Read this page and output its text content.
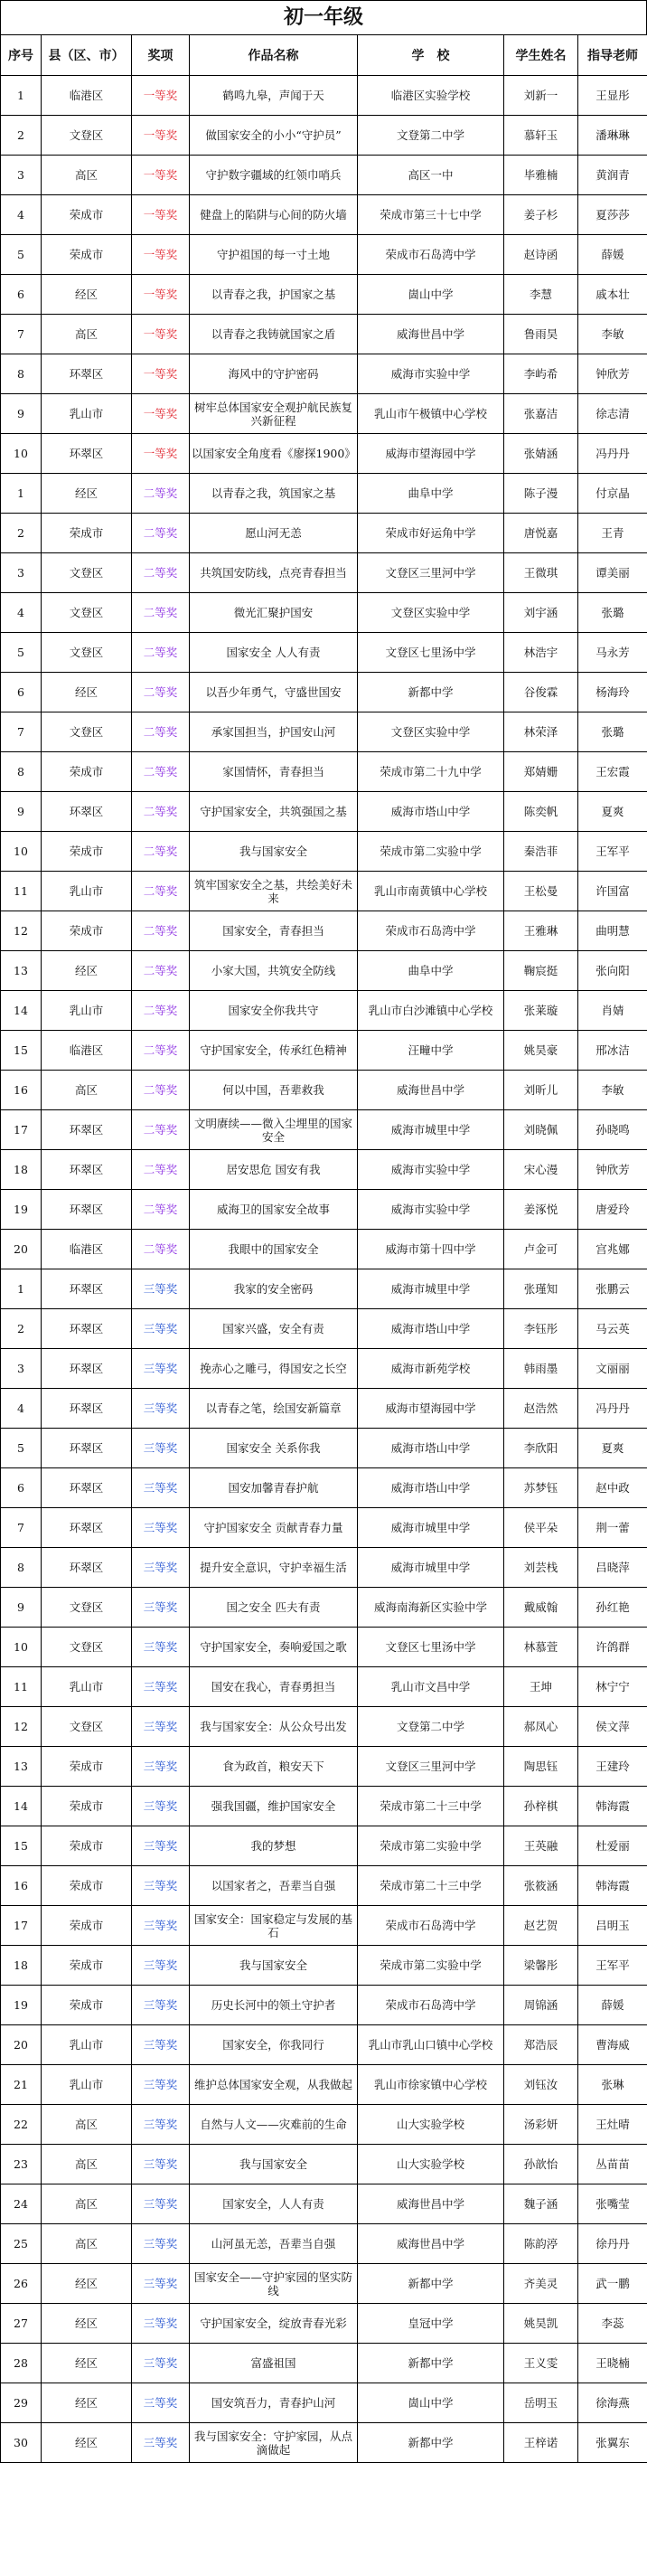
初一年级
序号	县（区、市）	奖项	作品名称	学　校	学生姓名	指导老师
1	临港区	一等奖	鹤鸣九皋，声闻于天	临港区实验学校	刘新一	王显彤
2	文登区	一等奖	做国家安全的小小“守护员”	文登第二中学	慕轩玉	潘琳琳
3	高区	一等奖	守护数字疆域的红领巾哨兵	高区一中	毕雅楠	黄润青
4	荣成市	一等奖	健盘上的陷阱与心间的防火墙	荣成市第三十七中学	姜子杉	夏莎莎
5	荣成市	一等奖	守护祖国的每一寸土地	荣成市石岛湾中学	赵诗函	薛媛
6	经区	一等奖	以青春之我，护国家之基	崮山中学	李慧	戚本壮
7	高区	一等奖	以青春之我铸就国家之盾	威海世昌中学	鲁雨昊	李敏
8	环翠区	一等奖	海风中的守护密码	威海市实验中学	李屿希	钟欣芳
9	乳山市	一等奖	树牢总体国家安全观护航民族复兴新征程	乳山市午极镇中心学校	张嘉洁	徐志清
10	环翠区	一等奖	以国家安全角度看《廖探1900》	威海市望海园中学	张婧涵	冯丹丹
1	经区	二等奖	以青春之我，筑国家之基	曲阜中学	陈子漫	付京晶
2	荣成市	二等奖	愿山河无恙	荣成市好运角中学	唐悦嘉	王青
3	文登区	二等奖	共筑国安防线，点亮青春担当	文登区三里河中学	王微琪	谭美丽
4	文登区	二等奖	微光汇聚护国安	文登区实验中学	刘宇涵	张璐
5	文登区	二等奖	国家安全 人人有责	文登区七里汤中学	林浩宇	马永芳
6	经区	二等奖	以吾少年勇气，守盛世国安	新都中学	谷俊霖	杨海玲
7	文登区	二等奖	承家国担当，护国安山河	文登区实验中学	林荣泽	张璐
8	荣成市	二等奖	家国情怀，青春担当	荣成市第二十九中学	郑婧姗	王宏霞
9	环翠区	二等奖	守护国家安全，共筑强国之基	威海市塔山中学	陈奕帆	夏爽
10	荣成市	二等奖	我与国家安全	荣成市第二实验中学	秦浩菲	王军平
11	乳山市	二等奖	筑牢国家安全之基，共绘美好未来	乳山市南黄镇中心学校	王松曼	许国富
12	荣成市	二等奖	国家安全，青春担当	荣成市石岛湾中学	王雅琳	曲明慧
13	经区	二等奖	小家大国，共筑安全防线	曲阜中学	鞠宸挺	张向阳
14	乳山市	二等奖	国家安全你我共守	乳山市白沙滩镇中心学校	张莱璇	肖婧
15	临港区	二等奖	守护国家安全，传承红色精神	汪疃中学	姚昊豪	邢冰洁
16	高区	二等奖	何以中国，吾辈救我	威海世昌中学	刘昕儿	李敏
17	环翠区	二等奖	文明赓续——微入尘埋里的国家安全	威海市城里中学	刘晓佩	孙晓鸣
18	环翠区	二等奖	居安思危 国安有我	威海市实验中学	宋心漫	钟欣芳
19	环翠区	二等奖	威海卫的国家安全故事	威海市实验中学	姜涿悦	唐爱玲
20	临港区	二等奖	我眼中的国家安全	威海市第十四中学	卢金可	宫兆娜
1	环翠区	三等奖	我家的安全密码	威海市城里中学	张瑾知	张鹏云
2	环翠区	三等奖	国家兴盛，安全有责	威海市塔山中学	李钰彤	马云英
3	环翠区	三等奖	挽赤心之雕弓，得国安之长空	威海市新苑学校	韩雨墨	文丽丽
4	环翠区	三等奖	以青春之笔，绘国安新篇章	威海市望海园中学	赵浩然	冯丹丹
5	环翠区	三等奖	国家安全 关系你我	威海市塔山中学	李欣阳	夏爽
6	环翠区	三等奖	国安加馨青春护航	威海市塔山中学	苏梦钰	赵中政
7	环翠区	三等奖	守护国家安全 贡献青春力量	威海市城里中学	侯平朵	荆一蕾
8	环翠区	三等奖	提升安全意识，守护幸福生活	威海市城里中学	刘芸栈	吕晓萍
9	文登区	三等奖	国之安全 匹夫有责	威海南海新区实验中学	戴威翰	孙红艳
10	文登区	三等奖	守护国家安全，奏响爱国之歌	文登区七里汤中学	林慕萱	许鸽群
11	乳山市	三等奖	国安在我心，青春勇担当	乳山市文昌中学	王坤	林宁宁
12	文登区	三等奖	我与国家安全：从公众号出发	文登第二中学	郝凤心	侯文萍
13	荣成市	三等奖	食为政首，粮安天下	文登区三里河中学	陶思钰	王建玲
14	荣成市	三等奖	强我国疆，维护国家安全	荣成市第二十三中学	孙梓棋	韩海霞
15	荣成市	三等奖	我的梦想	荣成市第二实验中学	王英融	杜爱丽
16	荣成市	三等奖	以国家者之，吾辈当自强	荣成市第二十三中学	张筱涵	韩海霞
17	荣成市	三等奖	国家安全：国家稳定与发展的基石	荣成市石岛湾中学	赵艺贺	吕明玉
18	荣成市	三等奖	我与国家安全	荣成市第二实验中学	梁馨彤	王军平
19	荣成市	三等奖	历史长河中的领土守护者	荣成市石岛湾中学	周锦涵	薛媛
20	乳山市	三等奖	国家安全，你我同行	乳山市乳山口镇中心学校	郑浩辰	曹海威
21	乳山市	三等奖	维护总体国家安全观，从我做起	乳山市徐家镇中心学校	刘钰汝	张琳
22	高区	三等奖	自然与人文——灾难前的生命	山大实验学校	汤彩妍	王灶晴
23	高区	三等奖	我与国家安全	山大实验学校	孙歆怡	丛苗苗
24	高区	三等奖	国家安全，人人有责	威海世昌中学	魏子涵	张嘴莹
25	高区	三等奖	山河虽无恙，吾辈当自强	威海世昌中学	陈韵渟	徐丹丹
26	经区	三等奖	国家安全——守护家园的坚实防线	新都中学	齐美灵	武一鹏
27	经区	三等奖	守护国家安全，绽放青春光彩	皇冠中学	姚昊凯	李蕊
28	经区	三等奖	富盛祖国	新都中学	王义雯	王晓楠
29	经区	三等奖	国安筑吾力，青春护山河	崮山中学	岳明玉	徐海燕
30	经区	三等奖	我与国家安全：守护家园，从点滴做起	新都中学	王梓诺	张翼东
